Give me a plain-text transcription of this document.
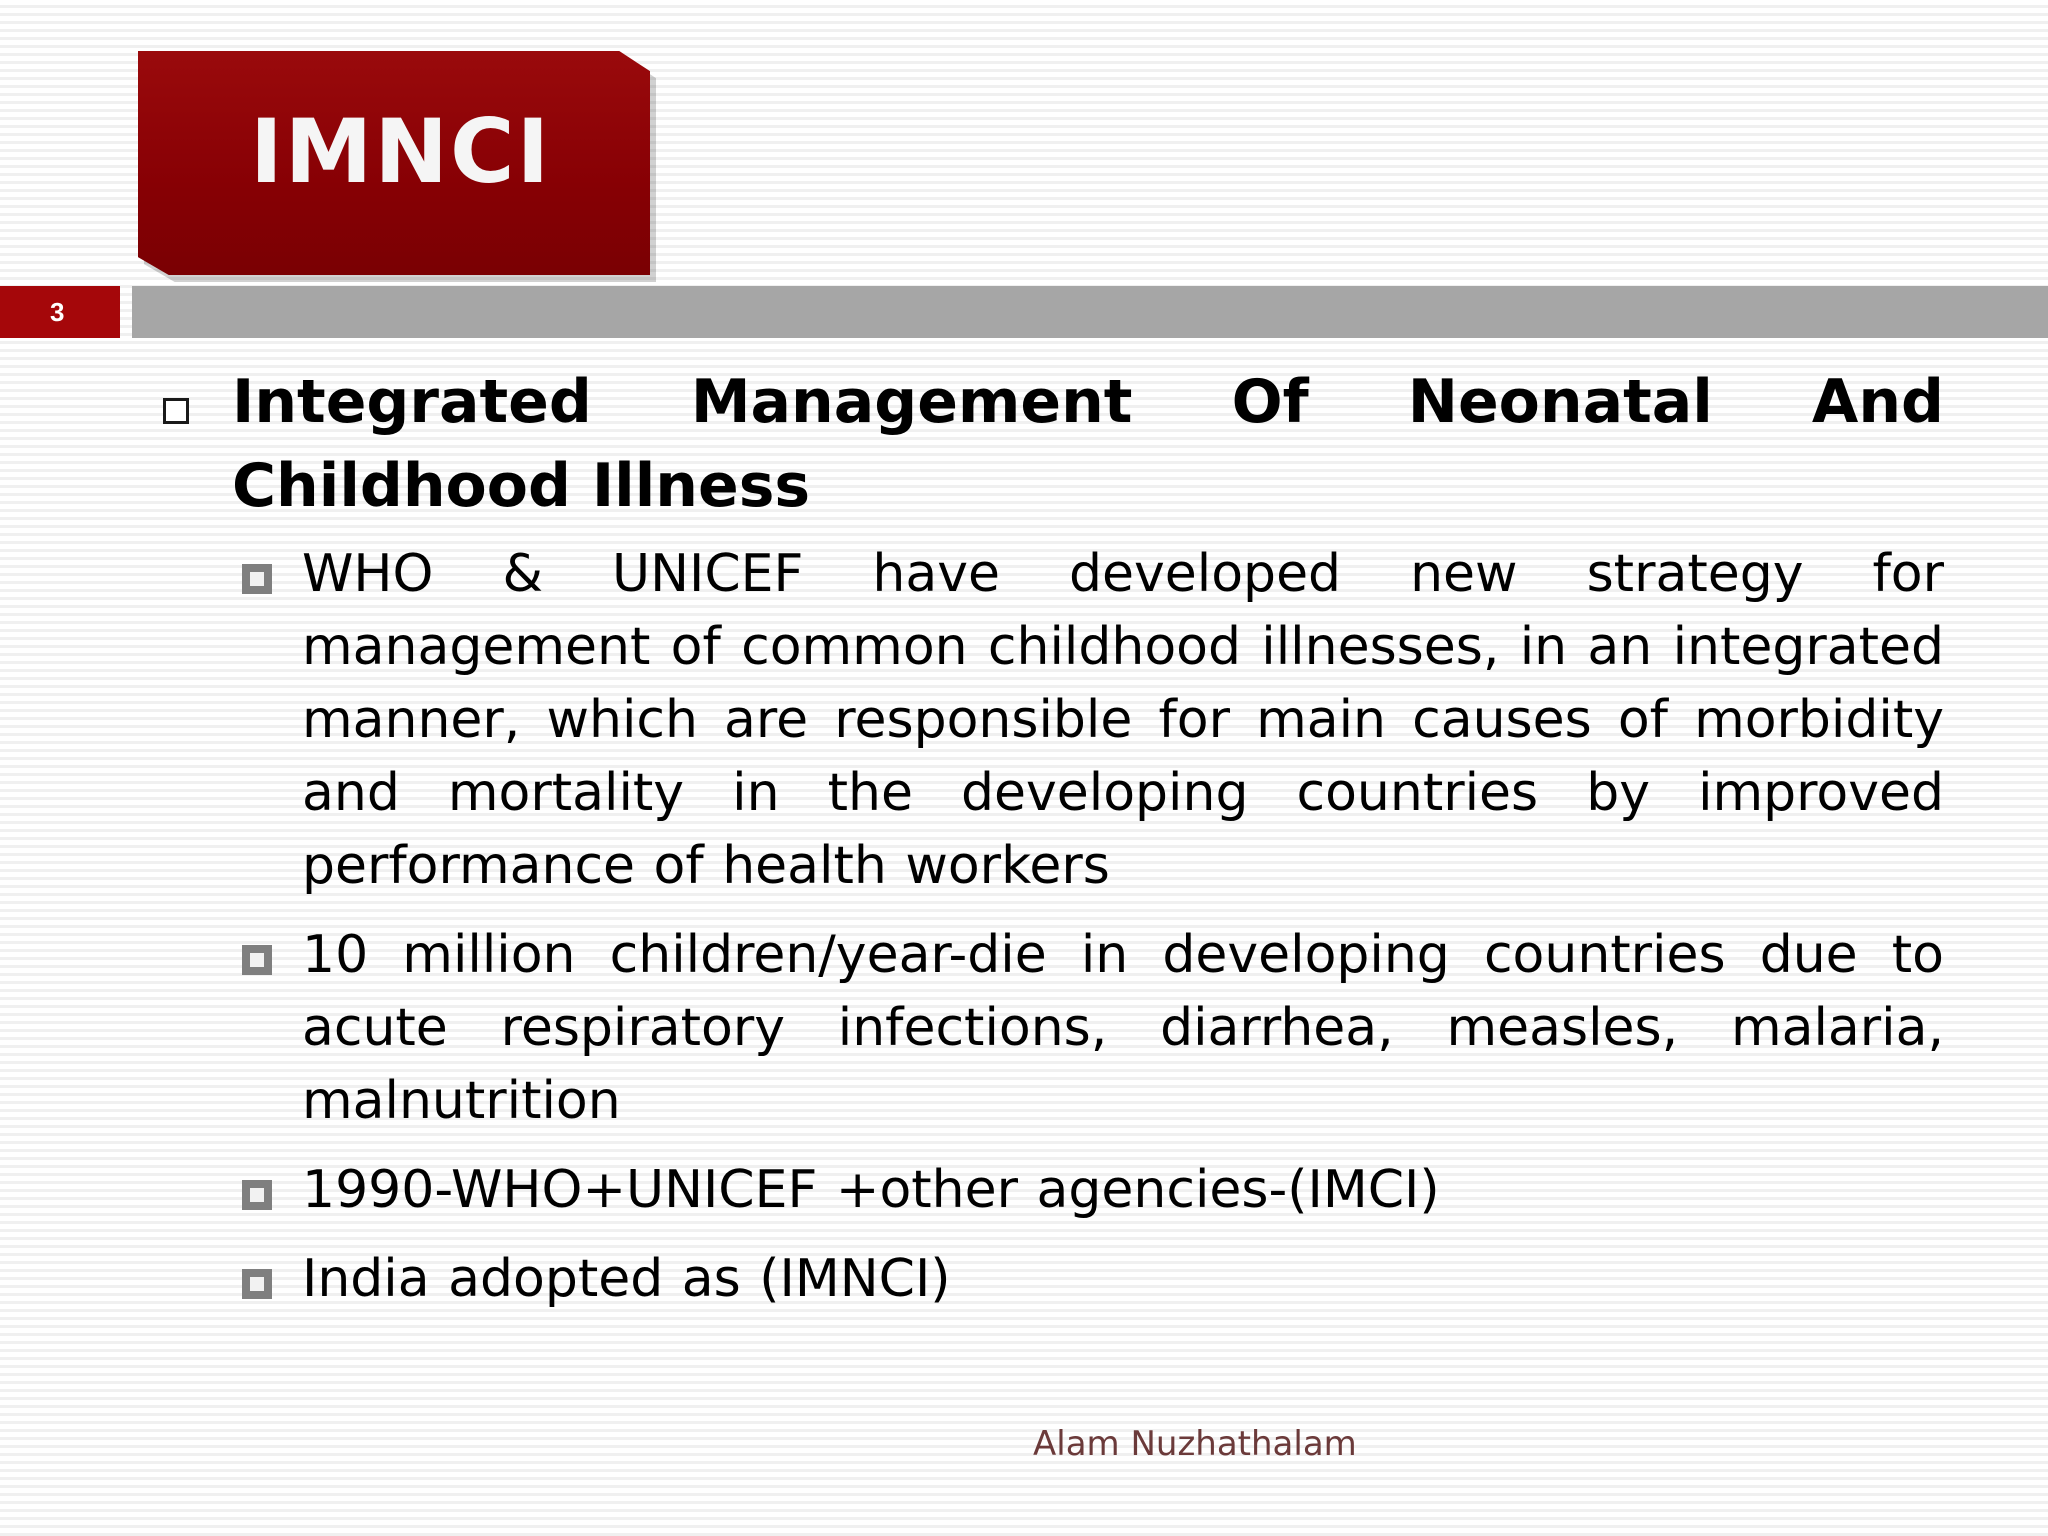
IMNCI
3
Integrated Management Of Neonatal And Childhood Illness
WHO & UNICEF have developed new strategy for management of common childhood illnesses, in an integrated manner, which are responsible for main causes of morbidity and mortality in the developing countries by improved performance of health workers
10 million children/year-die in developing countries due to acute respiratory infections, diarrhea, measles, malaria, malnutrition
1990-WHO+UNICEF +other agencies-(IMCI)
India adopted as (IMNCI)
Alam Nuzhathalam
